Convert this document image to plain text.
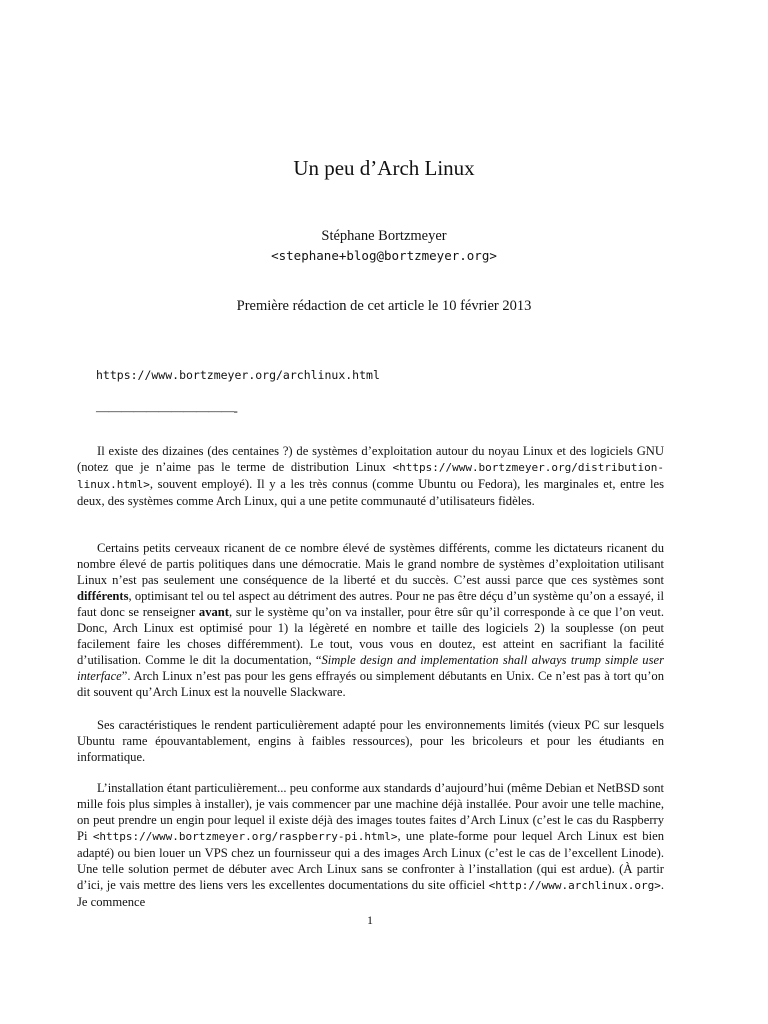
Un peu d’Arch Linux
Stéphane Bortzmeyer
<stephane+blog@bortzmeyer.org>
Première rédaction de cet article le 10 février 2013
https://www.bortzmeyer.org/archlinux.html
———————————-

Il existe des dizaines (des centaines ?) de systèmes d’exploitation autour du noyau Linux et des logiciels GNU (notez que je n’aime pas le terme de distribution Linux <https://www.bortzmeyer.org/distribution-linux.html>, souvent employé). Il y a les très connus (comme Ubuntu ou Fedora), les marginales et, entre les deux, des systèmes comme Arch Linux, qui a une petite communauté d’utilisateurs fidèles.

Certains petits cerveaux ricanent de ce nombre élevé de systèmes différents, comme les dictateurs ricanent du nombre élevé de partis politiques dans une démocratie. Mais le grand nombre de systèmes d’exploitation utilisant Linux n’est pas seulement une conséquence de la liberté et du succès. C’est aussi parce que ces systèmes sont différents, optimisant tel ou tel aspect au détriment des autres. Pour ne pas être déçu d’un système qu’on a essayé, il faut donc se renseigner avant, sur le système qu’on va installer, pour être sûr qu’il corresponde à ce que l’on veut. Donc, Arch Linux est optimisé pour 1) la légèreté en nombre et taille des logiciels 2) la souplesse (on peut facilement faire les choses différemment). Le tout, vous vous en doutez, est atteint en sacrifiant la facilité d’utilisation. Comme le dit la documentation, “Simple design and implementation shall always trump simple user interface”. Arch Linux n’est pas pour les gens effrayés ou simplement débutants en Unix. Ce n’est pas à tort qu’on dit souvent qu’Arch Linux est la nouvelle Slackware.

Ses caractéristiques le rendent particulièrement adapté pour les environnements limités (vieux PC sur lesquels Ubuntu rame épouvantablement, engins à faibles ressources), pour les bricoleurs et pour les étudiants en informatique.

L’installation étant particulièrement... peu conforme aux standards d’aujourd’hui (même Debian et NetBSD sont mille fois plus simples à installer), je vais commencer par une machine déjà installée. Pour avoir une telle machine, on peut prendre un engin pour lequel il existe déjà des images toutes faites d’Arch Linux (c’est le cas du Raspberry Pi <https://www.bortzmeyer.org/raspberry-pi.html>, une plate-forme pour lequel Arch Linux est bien adapté) ou bien louer un VPS chez un fournisseur qui a des images Arch Linux (c’est le cas de l’excellent Linode). Une telle solution permet de débuter avec Arch Linux sans se confronter à l’installation (qui est ardue). (À partir d’ici, je vais mettre des liens vers les excellentes documentations du site officiel <http://www.archlinux.org>. Je commence

1
